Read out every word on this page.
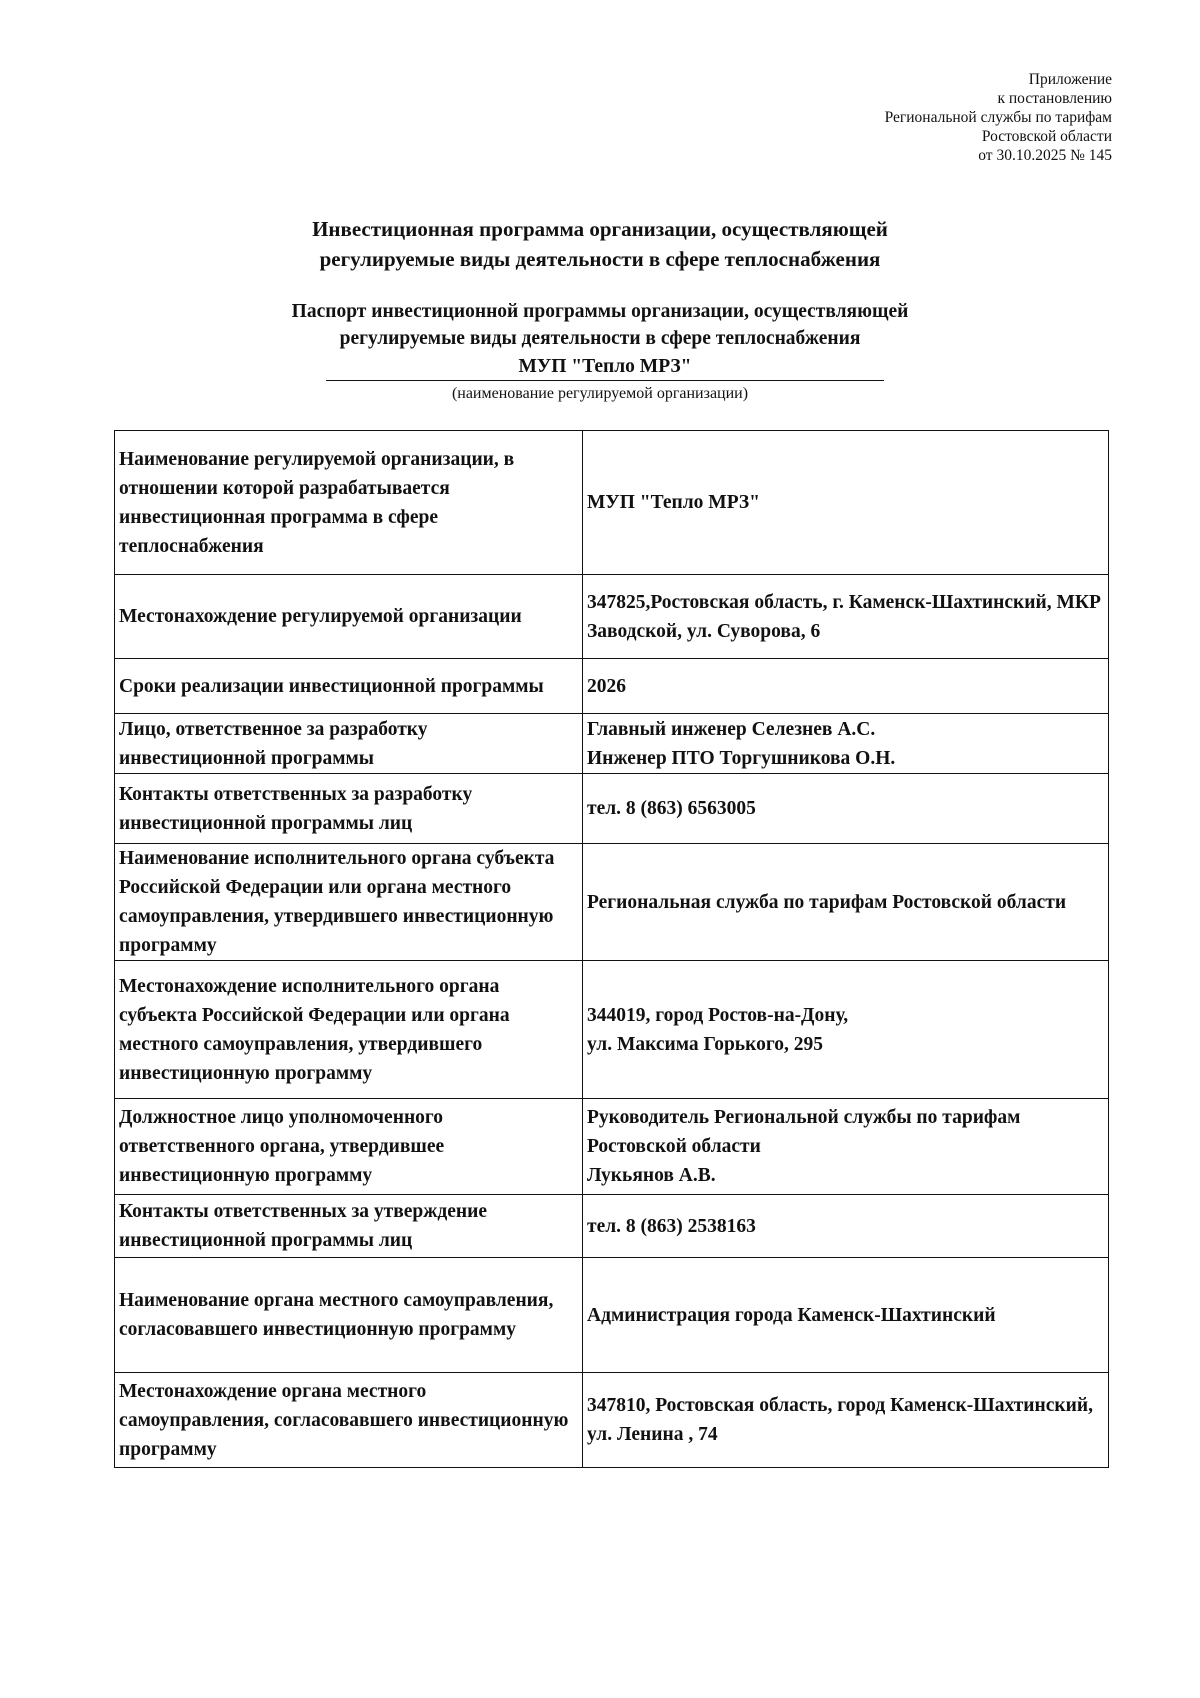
Приложение
к постановлению
Региональной службы по тарифам
Ростовской области
от 30.10.2025 № 145
Инвестиционная программа организации, осуществляющей
регулируемые виды деятельности в сфере теплоснабжения
Паспорт инвестиционной программы организации, осуществляющей
регулируемые виды деятельности в сфере теплоснабжения
МУП "Тепло МРЗ"
(наименование регулируемой организации)
Наименование регулируемой организации, в отношении которой разрабатывается инвестиционная программа в сфере теплоснабжения	МУП "Тепло МРЗ"
Местонахождение регулируемой организации	347825,Ростовская область, г. Каменск-Шахтинский, МКР Заводской, ул. Суворова, 6
Сроки реализации инвестиционной программы	2026
Лицо, ответственное за разработку инвестиционной программы	Главный инженер Селезнев А.С.
Инженер ПТО Торгушникова О.Н.
Контакты ответственных за разработку инвестиционной программы лиц	тел. 8 (863) 6563005
Наименование исполнительного органа субъекта Российской Федерации или органа местного самоуправления, утвердившего инвестиционную программу	Региональная служба по тарифам Ростовской области
Местонахождение исполнительного органа субъекта Российской Федерации или органа местного самоуправления, утвердившего инвестиционную программу	344019, город Ростов-на-Дону,
ул. Максима Горького, 295
Должностное лицо уполномоченного ответственного органа, утвердившее инвестиционную программу	Руководитель Региональной службы по тарифам Ростовской области
Лукьянов А.В.
Контакты ответственных за утверждение инвестиционной программы лиц	тел. 8 (863) 2538163
Наименование органа местного самоуправления, согласовавшего инвестиционную программу	Администрация города Каменск-Шахтинский
Местонахождение органа местного самоуправления, согласовавшего инвестиционную программу	347810, Ростовская область, город Каменск-Шахтинский, ул. Ленина , 74
